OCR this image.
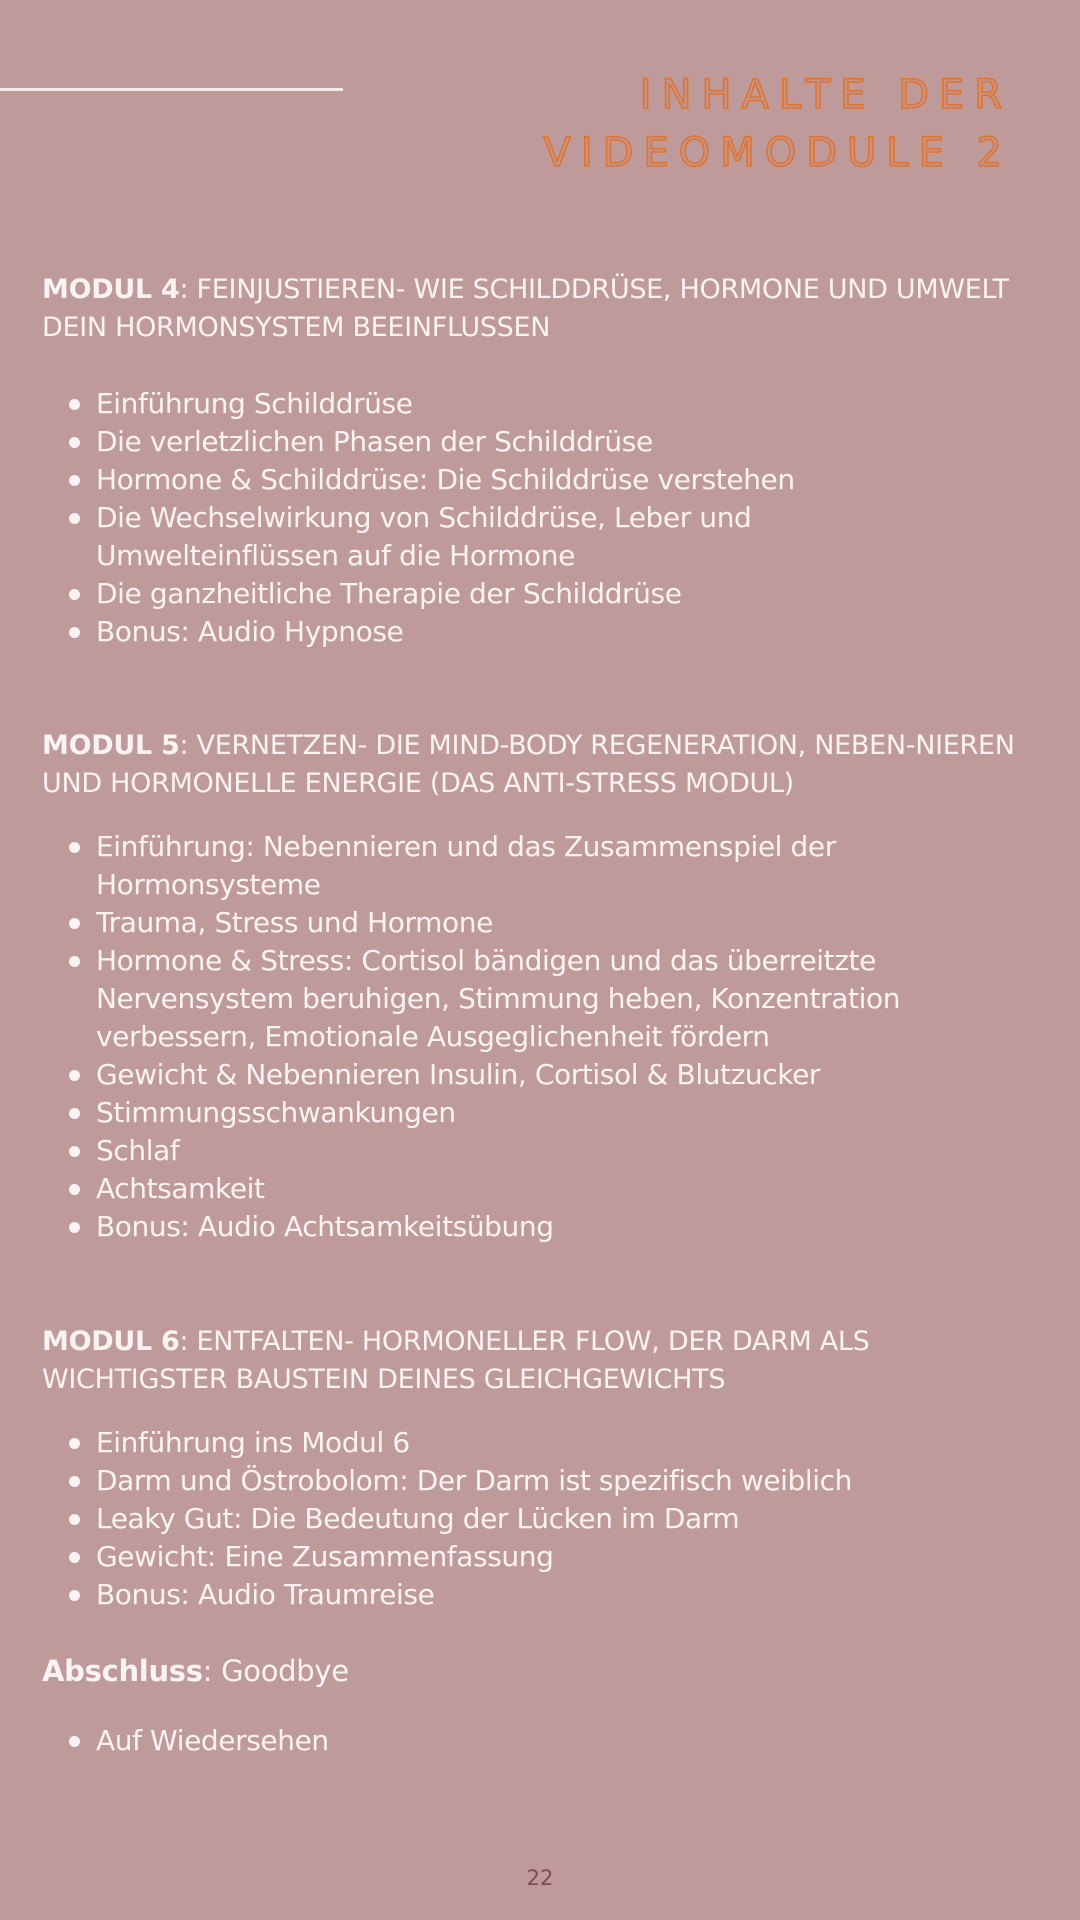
INHALTE DER
VIDEOMODULE 2
MODUL 4: FEINJUSTIEREN- WIE SCHILDDRÜSE, HORMONE UND UMWELT DEIN HORMONSYSTEM BEEINFLUSSEN
Einführung Schilddrüse
Die verletzlichen Phasen der Schilddrüse
Hormone & Schilddrüse: Die Schilddrüse verstehen
Die Wechselwirkung von Schilddrüse, Leber und Umwelteinflüssen auf die Hormone
Die ganzheitliche Therapie der Schilddrüse
Bonus: Audio Hypnose
MODUL 5: VERNETZEN- DIE MIND-BODY REGENERATION, NEBEN-NIEREN UND HORMONELLE ENERGIE (DAS ANTI-STRESS MODUL)
Einführung: Nebennieren und das Zusammenspiel der Hormonsysteme
Trauma, Stress und Hormone
Hormone & Stress: Cortisol bändigen und das überreitzte Nervensystem beruhigen, Stimmung heben, Konzentration verbessern, Emotionale Ausgeglichenheit fördern
Gewicht & Nebennieren Insulin, Cortisol & Blutzucker
Stimmungsschwankungen
Schlaf
Achtsamkeit
Bonus: Audio Achtsamkeitsübung
MODUL 6: ENTFALTEN- HORMONELLER FLOW, DER DARM ALS WICHTIGSTER BAUSTEIN DEINES GLEICHGEWICHTS
Einführung ins Modul 6
Darm und Östrobolom: Der Darm ist spezifisch weiblich
Leaky Gut: Die Bedeutung der Lücken im Darm
Gewicht: Eine Zusammenfassung
Bonus: Audio Traumreise
Abschluss: Goodbye
Auf Wiedersehen
22
